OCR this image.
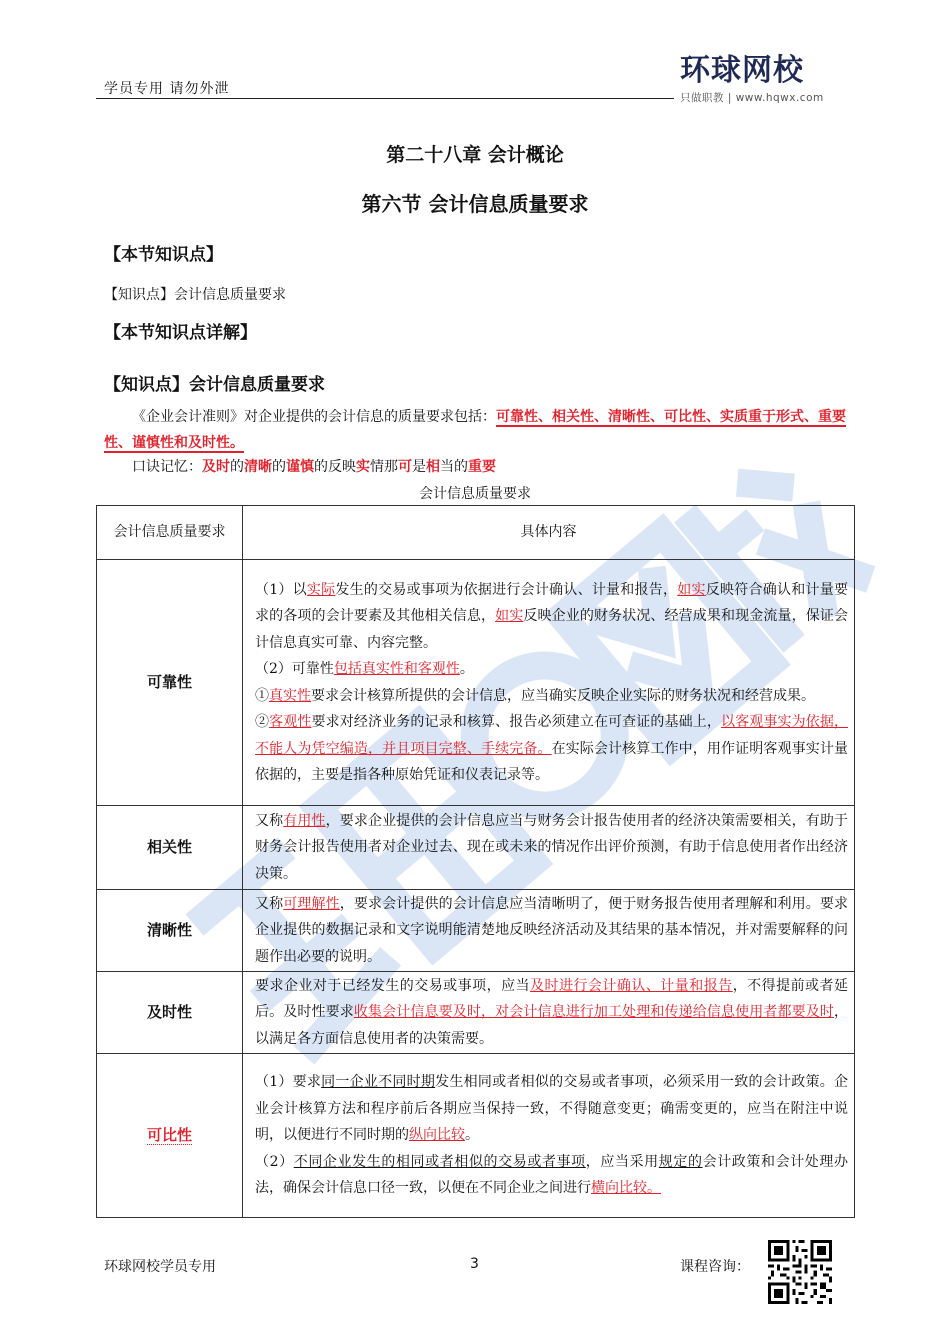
学员专用 请勿外泄
环球网校
只做职教 | www.hqwx.com
第二十八章 会计概论
第六节 会计信息质量要求
【本节知识点】
【知识点】会计信息质量要求
【本节知识点详解】
【知识点】会计信息质量要求
《企业会计准则》对企业提供的会计信息的质量要求包括：可靠性、相关性、清晰性、可比性、实质重于形式、重要性、谨慎性和及时性。
口诀记忆：及时的清晰的谨慎的反映实情那可是相当的重要
会计信息质量要求
会计信息质量要求	具体内容
可靠性	（1）以实际发生的交易或事项为依据进行会计确认、计量和报告，如实反映符合确认和计量要求的各项的会计要素及其他相关信息，如实反映企业的财务状况、经营成果和现金流量，保证会计信息真实可靠、内容完整。
（2）可靠性包括真实性和客观性。
①真实性要求会计核算所提供的会计信息，应当确实反映企业实际的财务状况和经营成果。
②客观性要求对经济业务的记录和核算、报告必须建立在可查证的基础上，以客观事实为依据，不能人为凭空编造，并且项目完整、手续完备。在实际会计核算工作中，用作证明客观事实计量依据的，主要是指各种原始凭证和仪表记录等。

相关性	又称有用性，要求企业提供的会计信息应当与财务会计报告使用者的经济决策需要相关，有助于财务会计报告使用者对企业过去、现在或未来的情况作出评价预测，有助于信息使用者作出经济决策。
清晰性	又称可理解性，要求会计提供的会计信息应当清晰明了，便于财务报告使用者理解和利用。要求企业提供的数据记录和文字说明能清楚地反映经济活动及其结果的基本情况，并对需要解释的问题作出必要的说明。
及时性	要求企业对于已经发生的交易或事项，应当及时进行会计确认、计量和报告，不得提前或者延后。及时性要求收集会计信息要及时，对会计信息进行加工处理和传递给信息使用者都要及时，以满足各方面信息使用者的决策需要。
可比性	（1）要求同一企业不同时期发生相同或者相似的交易或者事项，必须采用一致的会计政策。企业会计核算方法和程序前后各期应当保持一致，不得随意变更；确需变更的，应当在附注中说明，以便进行不同时期的纵向比较。
（2）不同企业发生的相同或者相似的交易或者事项，应当采用规定的会计政策和会计处理办法，确保会计信息口径一致，以便在不同企业之间进行横向比较。
环球网校学员专用	3	课程咨询：
